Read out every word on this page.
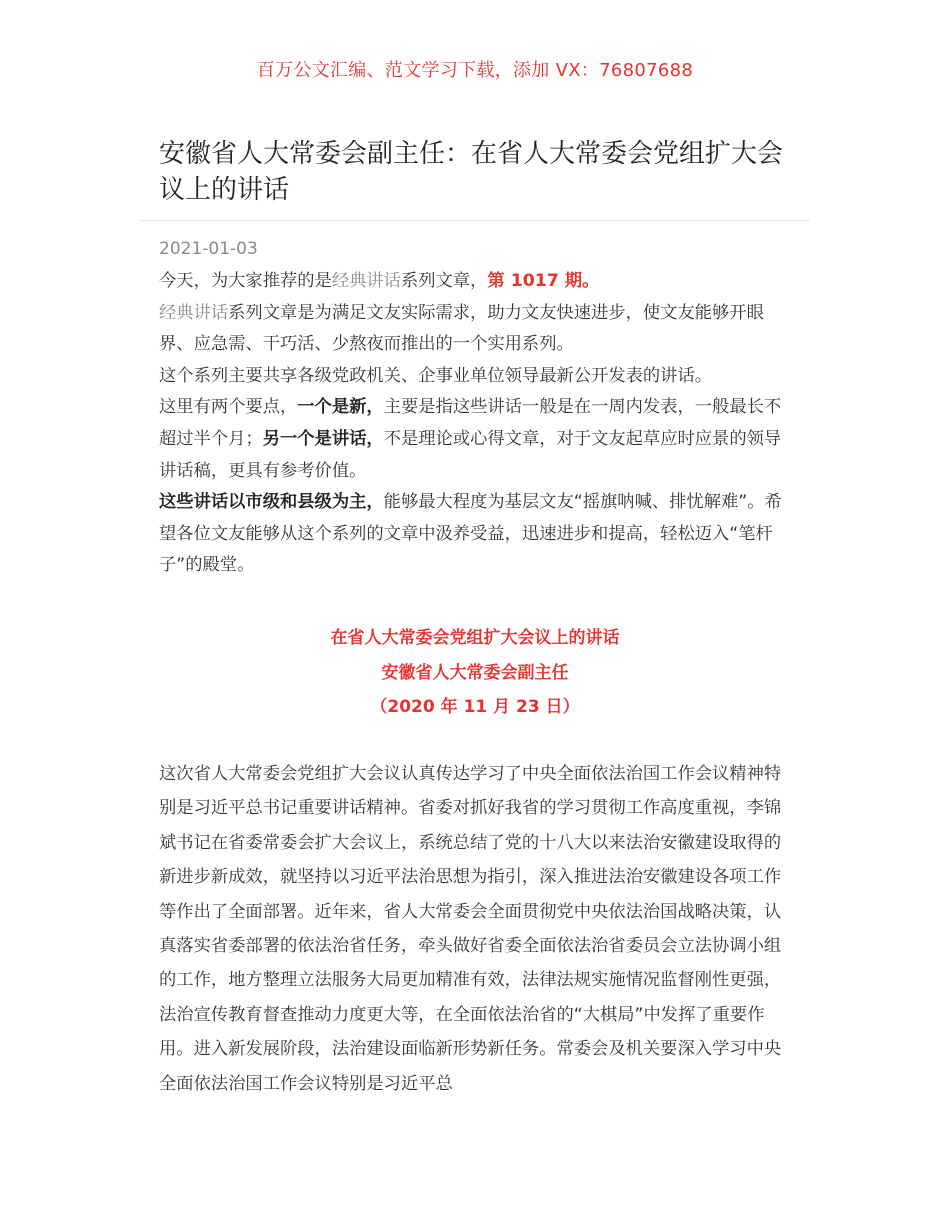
百万公文汇编、范文学习下载，添加 VX：76807688
安徽省人大常委会副主任：在省人大常委会党组扩大会议上的讲话
2021-01-03

今天，为大家推荐的是经典讲话系列文章，第 1017 期。

经典讲话系列文章是为满足文友实际需求，助力文友快速进步，使文友能够开眼界、应急需、干巧活、少熬夜而推出的一个实用系列。

这个系列主要共享各级党政机关、企事业单位领导最新公开发表的讲话。

这里有两个要点，一个是新，主要是指这些讲话一般是在一周内发表，一般最长不超过半个月；另一个是讲话，不是理论或心得文章，对于文友起草应时应景的领导讲话稿，更具有参考价值。

这些讲话以市级和县级为主，能够最大程度为基层文友“摇旗呐喊、排忧解难”。希望各位文友能够从这个系列的文章中汲养受益，迅速进步和提高，轻松迈入“笔杆子”的殿堂。

在省人大常委会党组扩大会议上的讲话
安徽省人大常委会副主任
（2020 年 11 月 23 日）

这次省人大常委会党组扩大会议认真传达学习了中央全面依法治国工作会议精神特别是习近平总书记重要讲话精神。省委对抓好我省的学习贯彻工作高度重视，李锦斌书记在省委常委会扩大会议上，系统总结了党的十八大以来法治安徽建设取得的新进步新成效，就坚持以习近平法治思想为指引，深入推进法治安徽建设各项工作等作出了全面部署。近年来，省人大常委会全面贯彻党中央依法治国战略决策，认真落实省委部署的依法治省任务，牵头做好省委全面依法治省委员会立法协调小组的工作，地方整理立法服务大局更加精准有效，法律法规实施情况监督刚性更强，法治宣传教育督查推动力度更大等，在全面依法治省的“大棋局”中发挥了重要作用。进入新发展阶段，法治建设面临新形势新任务。常委会及机关要深入学习中央全面依法治国工作会议特别是习近平总
